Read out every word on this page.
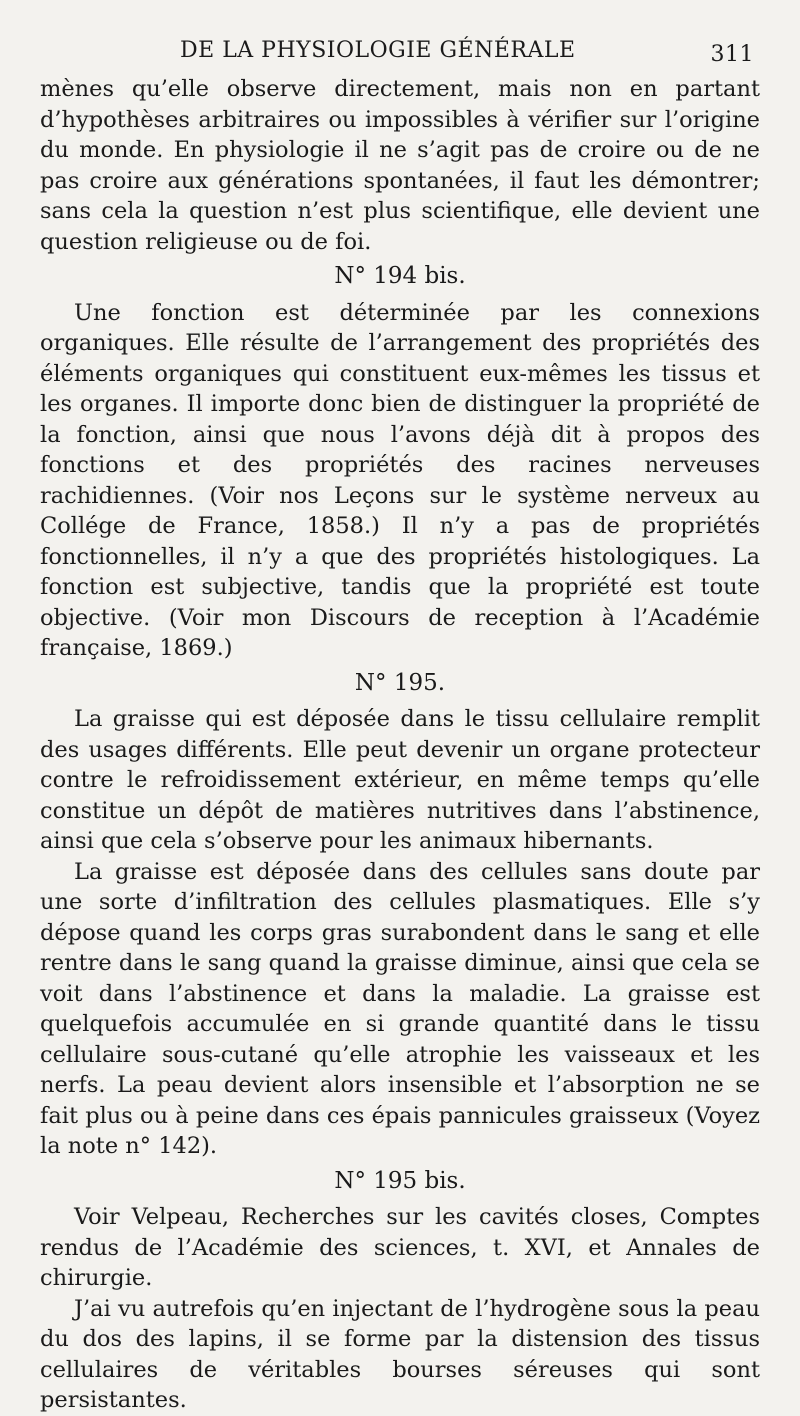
DE LA PHYSIOLOGIE GÉNÉRALE	311

mènes qu’elle observe directement, mais non en partant d’hypothèses arbitraires ou impossibles à vérifier sur l’origine du monde. En physiologie il ne s’agit pas de croire ou de ne pas croire aux générations spontanées, il faut les démontrer; sans cela la question n’est plus scientifique, elle devient une question religieuse ou de foi.

N° 194 bis.

Une fonction est déterminée par les connexions organiques. Elle résulte de l’arrangement des propriétés des éléments organiques qui constituent eux-mêmes les tissus et les organes. Il importe donc bien de distinguer la propriété de la fonction, ainsi que nous l’avons déjà dit à propos des fonctions et des propriétés des racines nerveuses rachidiennes. (Voir nos Leçons sur le système nerveux au Collége de France, 1858.) Il n’y a pas de propriétés fonctionnelles, il n’y a que des propriétés histologiques. La fonction est subjective, tandis que la propriété est toute objective. (Voir mon Discours de reception à l’Académie française, 1869.)

N° 195.

La graisse qui est déposée dans le tissu cellulaire remplit des usages différents. Elle peut devenir un organe protecteur contre le refroidissement extérieur, en même temps qu’elle constitue un dépôt de matières nutritives dans l’abstinence, ainsi que cela s’observe pour les animaux hibernants.

La graisse est déposée dans des cellules sans doute par une sorte d’infiltration des cellules plasmatiques. Elle s’y dépose quand les corps gras surabondent dans le sang et elle rentre dans le sang quand la graisse diminue, ainsi que cela se voit dans l’abstinence et dans la maladie. La graisse est quelquefois accumulée en si grande quantité dans le tissu cellulaire sous-cutané qu’elle atrophie les vaisseaux et les nerfs. La peau devient alors insensible et l’absorption ne se fait plus ou à peine dans ces épais pannicules graisseux (Voyez la note n° 142).

N° 195 bis.

Voir Velpeau, Recherches sur les cavités closes, Comptes rendus de l’Académie des sciences, t. XVI, et Annales de chirurgie.

J’ai vu autrefois qu’en injectant de l’hydrogène sous la peau du dos des lapins, il se forme par la distension des tissus cellulaires de véritables bourses séreuses qui sont persistantes.
